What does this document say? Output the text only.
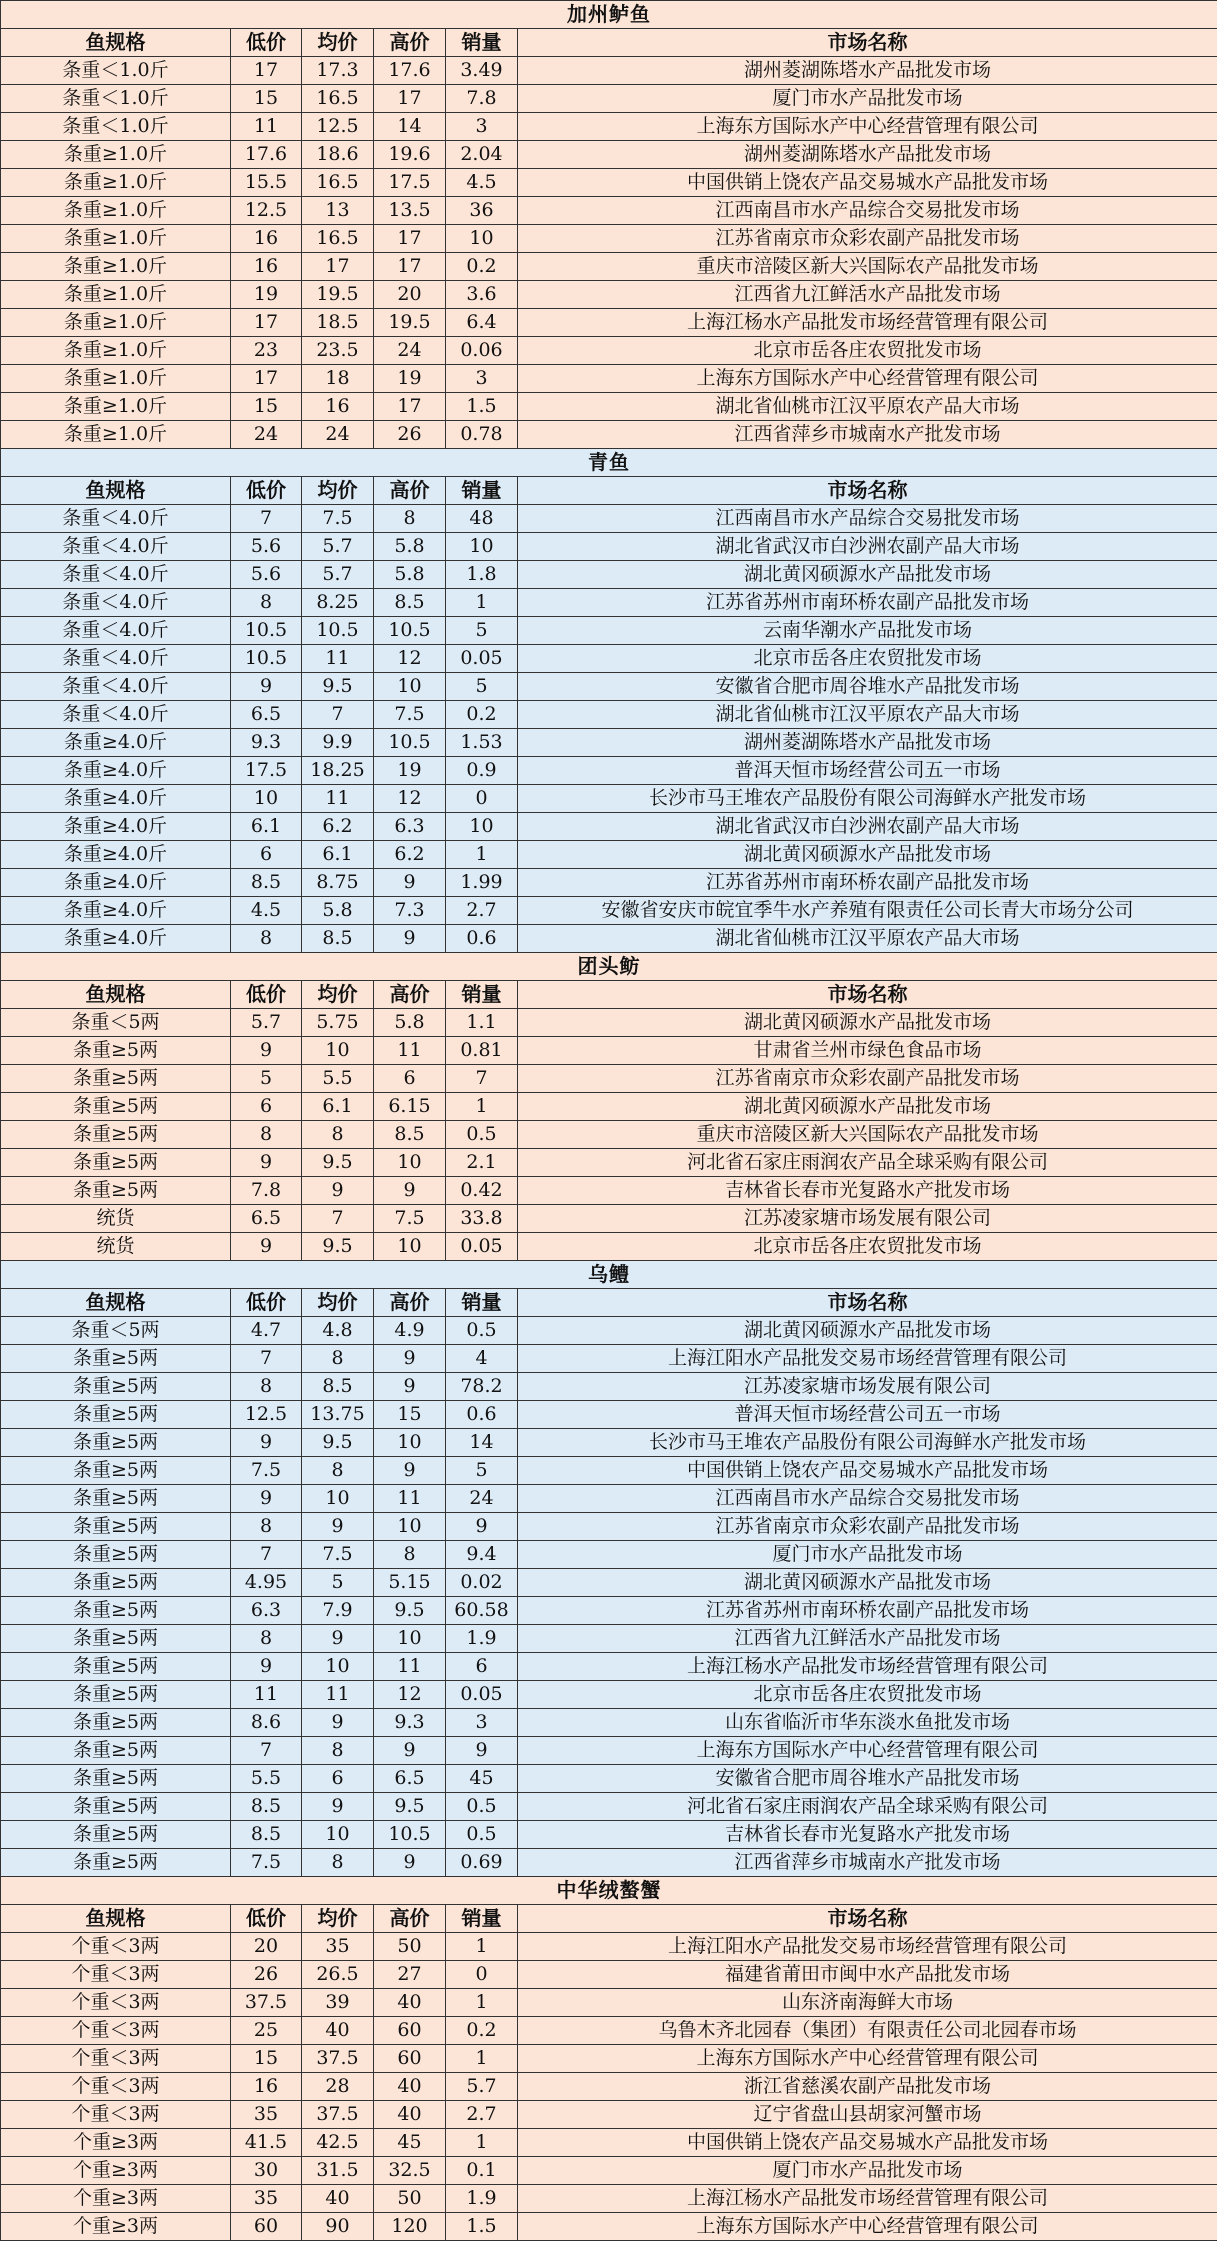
加州鲈鱼					
鱼规格	低价	均价	高价	销量	市场名称
条重＜1.0斤	17	17.3	17.6	3.49	湖州菱湖陈塔水产品批发市场
条重＜1.0斤	15	16.5	17	7.8	厦门市水产品批发市场
条重＜1.0斤	11	12.5	14	3	上海东方国际水产中心经营管理有限公司
条重≥1.0斤	17.6	18.6	19.6	2.04	湖州菱湖陈塔水产品批发市场
条重≥1.0斤	15.5	16.5	17.5	4.5	中国供销上饶农产品交易城水产品批发市场
条重≥1.0斤	12.5	13	13.5	36	江西南昌市水产品综合交易批发市场
条重≥1.0斤	16	16.5	17	10	江苏省南京市众彩农副产品批发市场
条重≥1.0斤	16	17	17	0.2	重庆市涪陵区新大兴国际农产品批发市场
条重≥1.0斤	19	19.5	20	3.6	江西省九江鲜活水产品批发市场
条重≥1.0斤	17	18.5	19.5	6.4	上海江杨水产品批发市场经营管理有限公司
条重≥1.0斤	23	23.5	24	0.06	北京市岳各庄农贸批发市场
条重≥1.0斤	17	18	19	3	上海东方国际水产中心经营管理有限公司
条重≥1.0斤	15	16	17	1.5	湖北省仙桃市江汉平原农产品大市场
条重≥1.0斤	24	24	26	0.78	江西省萍乡市城南水产批发市场
青鱼					
鱼规格	低价	均价	高价	销量	市场名称
条重＜4.0斤	7	7.5	8	48	江西南昌市水产品综合交易批发市场
条重＜4.0斤	5.6	5.7	5.8	10	湖北省武汉市白沙洲农副产品大市场
条重＜4.0斤	5.6	5.7	5.8	1.8	湖北黄冈硕源水产品批发市场
条重＜4.0斤	8	8.25	8.5	1	江苏省苏州市南环桥农副产品批发市场
条重＜4.0斤	10.5	10.5	10.5	5	云南华潮水产品批发市场
条重＜4.0斤	10.5	11	12	0.05	北京市岳各庄农贸批发市场
条重＜4.0斤	9	9.5	10	5	安徽省合肥市周谷堆水产品批发市场
条重＜4.0斤	6.5	7	7.5	0.2	湖北省仙桃市江汉平原农产品大市场
条重≥4.0斤	9.3	9.9	10.5	1.53	湖州菱湖陈塔水产品批发市场
条重≥4.0斤	17.5	18.25	19	0.9	普洱天恒市场经营公司五一市场
条重≥4.0斤	10	11	12	0	长沙市马王堆农产品股份有限公司海鲜水产批发市场
条重≥4.0斤	6.1	6.2	6.3	10	湖北省武汉市白沙洲农副产品大市场
条重≥4.0斤	6	6.1	6.2	1	湖北黄冈硕源水产品批发市场
条重≥4.0斤	8.5	8.75	9	1.99	江苏省苏州市南环桥农副产品批发市场
条重≥4.0斤	4.5	5.8	7.3	2.7	安徽省安庆市皖宜季牛水产养殖有限责任公司长青大市场分公司
条重≥4.0斤	8	8.5	9	0.6	湖北省仙桃市江汉平原农产品大市场
团头鲂					
鱼规格	低价	均价	高价	销量	市场名称
条重＜5两	5.7	5.75	5.8	1.1	湖北黄冈硕源水产品批发市场
条重≥5两	9	10	11	0.81	甘肃省兰州市绿色食品市场
条重≥5两	5	5.5	6	7	江苏省南京市众彩农副产品批发市场
条重≥5两	6	6.1	6.15	1	湖北黄冈硕源水产品批发市场
条重≥5两	8	8	8.5	0.5	重庆市涪陵区新大兴国际农产品批发市场
条重≥5两	9	9.5	10	2.1	河北省石家庄雨润农产品全球采购有限公司
条重≥5两	7.8	9	9	0.42	吉林省长春市光复路水产批发市场
统货	6.5	7	7.5	33.8	江苏凌家塘市场发展有限公司
统货	9	9.5	10	0.05	北京市岳各庄农贸批发市场
乌鳢					
鱼规格	低价	均价	高价	销量	市场名称
条重＜5两	4.7	4.8	4.9	0.5	湖北黄冈硕源水产品批发市场
条重≥5两	7	8	9	4	上海江阳水产品批发交易市场经营管理有限公司
条重≥5两	8	8.5	9	78.2	江苏凌家塘市场发展有限公司
条重≥5两	12.5	13.75	15	0.6	普洱天恒市场经营公司五一市场
条重≥5两	9	9.5	10	14	长沙市马王堆农产品股份有限公司海鲜水产批发市场
条重≥5两	7.5	8	9	5	中国供销上饶农产品交易城水产品批发市场
条重≥5两	9	10	11	24	江西南昌市水产品综合交易批发市场
条重≥5两	8	9	10	9	江苏省南京市众彩农副产品批发市场
条重≥5两	7	7.5	8	9.4	厦门市水产品批发市场
条重≥5两	4.95	5	5.15	0.02	湖北黄冈硕源水产品批发市场
条重≥5两	6.3	7.9	9.5	60.58	江苏省苏州市南环桥农副产品批发市场
条重≥5两	8	9	10	1.9	江西省九江鲜活水产品批发市场
条重≥5两	9	10	11	6	上海江杨水产品批发市场经营管理有限公司
条重≥5两	11	11	12	0.05	北京市岳各庄农贸批发市场
条重≥5两	8.6	9	9.3	3	山东省临沂市华东淡水鱼批发市场
条重≥5两	7	8	9	9	上海东方国际水产中心经营管理有限公司
条重≥5两	5.5	6	6.5	45	安徽省合肥市周谷堆水产品批发市场
条重≥5两	8.5	9	9.5	0.5	河北省石家庄雨润农产品全球采购有限公司
条重≥5两	8.5	10	10.5	0.5	吉林省长春市光复路水产批发市场
条重≥5两	7.5	8	9	0.69	江西省萍乡市城南水产批发市场
中华绒螯蟹					
鱼规格	低价	均价	高价	销量	市场名称
个重＜3两	20	35	50	1	上海江阳水产品批发交易市场经营管理有限公司
个重＜3两	26	26.5	27	0	福建省莆田市闽中水产品批发市场
个重＜3两	37.5	39	40	1	山东济南海鲜大市场
个重＜3两	25	40	60	0.2	乌鲁木齐北园春（集团）有限责任公司北园春市场
个重＜3两	15	37.5	60	1	上海东方国际水产中心经营管理有限公司
个重＜3两	16	28	40	5.7	浙江省慈溪农副产品批发市场
个重＜3两	35	37.5	40	2.7	辽宁省盘山县胡家河蟹市场
个重≥3两	41.5	42.5	45	1	中国供销上饶农产品交易城水产品批发市场
个重≥3两	30	31.5	32.5	0.1	厦门市水产品批发市场
个重≥3两	35	40	50	1.9	上海江杨水产品批发市场经营管理有限公司
个重≥3两	60	90	120	1.5	上海东方国际水产中心经营管理有限公司
